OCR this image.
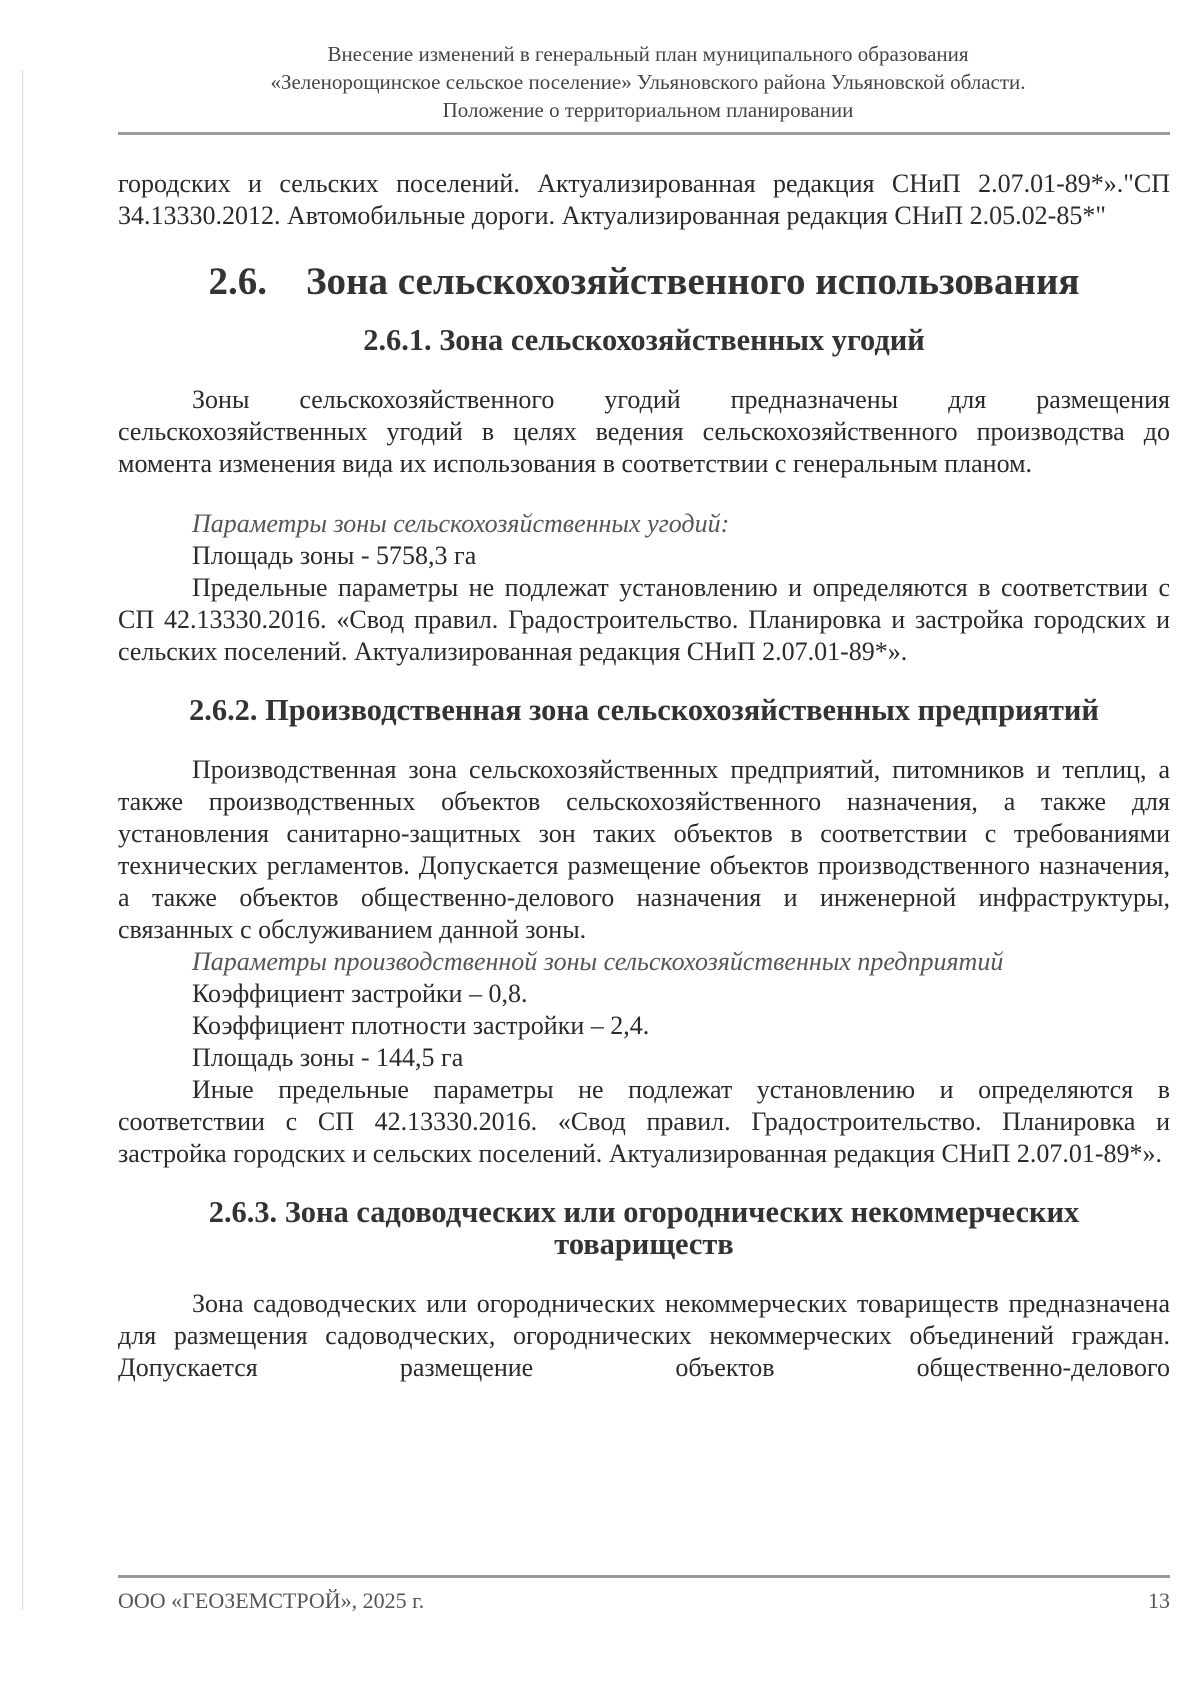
Внесение изменений в генеральный план муниципального образования
«Зеленорощинское сельское поселение» Ульяновского района Ульяновской области.
Положение о территориальном планировании

городских и сельских поселений. Актуализированная редакция СНиП 2.07.01-89*»."СП 34.13330.2012. Автомобильные дороги. Актуализированная редакция СНиП 2.05.02-85*"

2.6. Зона сельскохозяйственного использования
2.6.1. Зона сельскохозяйственных угодий

Зоны сельскохозяйственного угодий предназначены для размещения сельскохозяйственных угодий в целях ведения сельскохозяйственного производства до момента изменения вида их использования в соответствии с генеральным планом.

Параметры зоны сельскохозяйственных угодий:

Площадь зоны - 5758,3 га

Предельные параметры не подлежат установлению и определяются в соответствии с СП 42.13330.2016. «Свод правил. Градостроительство. Планировка и застройка городских и сельских поселений. Актуализированная редакция СНиП 2.07.01-89*».

2.6.2. Производственная зона сельскохозяйственных предприятий

Производственная зона сельскохозяйственных предприятий, питомников и теплиц, а также производственных объектов сельскохозяйственного назначения, а также для установления санитарно-защитных зон таких объектов в соответствии с требованиями технических регламентов. Допускается размещение объектов производственного назначения, а также объектов общественно-делового назначения и инженерной инфраструктуры, связанных с обслуживанием данной зоны.

Параметры производственной зоны сельскохозяйственных предприятий

Коэффициент застройки – 0,8.

Коэффициент плотности застройки – 2,4.

Площадь зоны - 144,5 га

Иные предельные параметры не подлежат установлению и определяются в соответствии с СП 42.13330.2016. «Свод правил. Градостроительство. Планировка и застройка городских и сельских поселений. Актуализированная редакция СНиП 2.07.01-89*».

2.6.3. Зона садоводческих или огороднических некоммерческих
товариществ

Зона садоводческих или огороднических некоммерческих товариществ предназначена для размещения садоводческих, огороднических некоммерческих объединений граждан. Допускается размещение объектов общественно-делового

ООО «ГЕОЗЕМСТРОЙ», 2025 г.	13
